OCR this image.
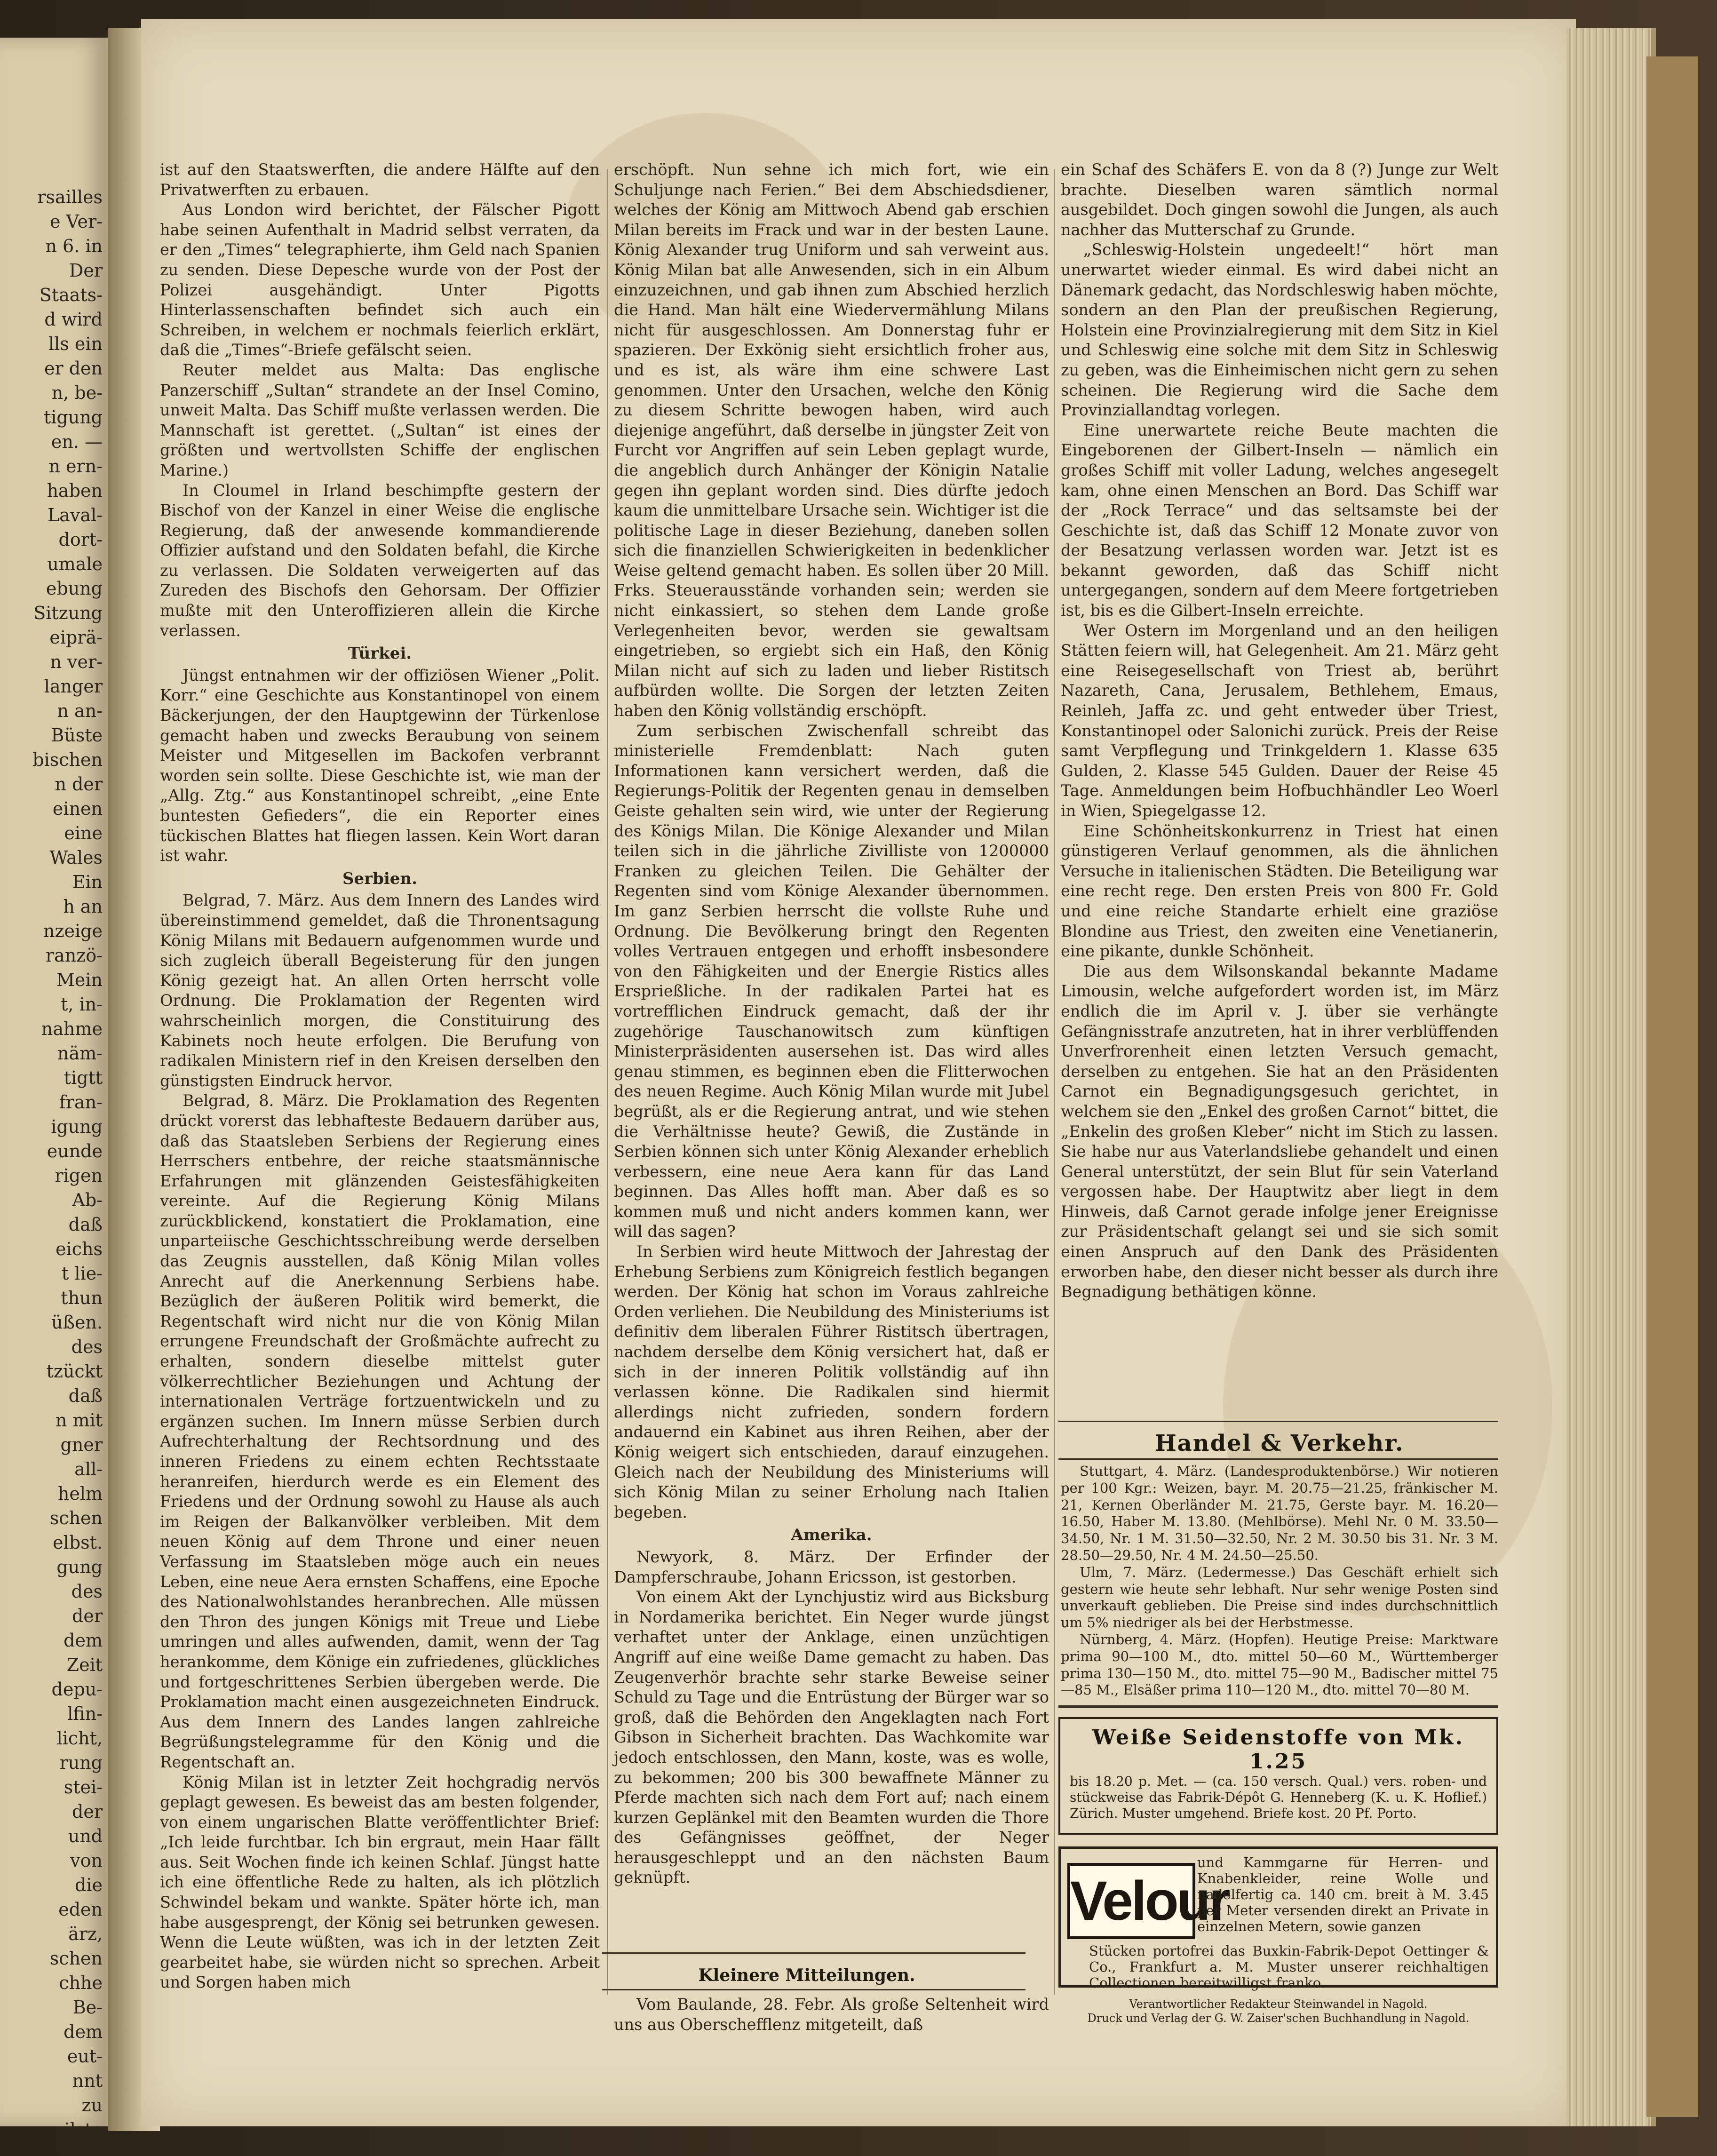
rsailles
e Ver-
n 6. in
Der
Staats-
d wird
lls ein
er den
n, be-
tigung
en. —
n ern-
haben
Laval-
dort-
umale
ebung
Sitzung
eiprä-
n ver-
langer
n an-
Büste
bischen
n der
einen
eine
Wales
Ein
h an
nzeige
ranzö-
Mein
t, in-
nahme
näm-
tigtt
fran-
igung
eunde
rigen
Ab-
daß
eichs
t lie-
thun
üßen.
des
tzückt
daß
n mit
gner
all-
helm
schen
elbst.
gung
des
der
dem
Zeit
depu-
lfin-
licht,
rung
stei-
der
und
von
die
eden
ärz,
schen
chhe
Be-
dem
eut-
nnt
zu
ilste

ist auf den Staatswerften, die andere Hälfte auf den Privatwerften zu erbauen.

Aus London wird berichtet, der Fälscher Pigott habe seinen Aufenthalt in Madrid selbst verraten, da er den „Times“ telegraphierte, ihm Geld nach Spanien zu senden. Diese Depesche wurde von der Post der Polizei ausgehändigt. Unter Pigotts Hinterlassenschaften befindet sich auch ein Schreiben, in welchem er nochmals feierlich erklärt, daß die „Times“-Briefe gefälscht seien.

Reuter meldet aus Malta: Das englische Panzerschiff „Sultan“ strandete an der Insel Comino, unweit Malta. Das Schiff mußte verlassen werden. Die Mannschaft ist gerettet. („Sultan“ ist eines der größten und wertvollsten Schiffe der englischen Marine.)

In Cloumel in Irland beschimpfte gestern der Bischof von der Kanzel in einer Weise die englische Regierung, daß der anwesende kommandierende Offizier aufstand und den Soldaten befahl, die Kirche zu verlassen. Die Soldaten verweigerten auf das Zureden des Bischofs den Gehorsam. Der Offizier mußte mit den Unteroffizieren allein die Kirche verlassen.

Türkei.

Jüngst entnahmen wir der offiziösen Wiener „Polit. Korr.“ eine Geschichte aus Konstantinopel von einem Bäckerjungen, der den Hauptgewinn der Türkenlose gemacht haben und zwecks Beraubung von seinem Meister und Mitgesellen im Backofen verbrannt worden sein sollte. Diese Geschichte ist, wie man der „Allg. Ztg.“ aus Konstantinopel schreibt, „eine Ente buntesten Gefieders“, die ein Reporter eines tückischen Blattes hat fliegen lassen. Kein Wort daran ist wahr.

Serbien.

Belgrad, 7. März. Aus dem Innern des Landes wird übereinstimmend gemeldet, daß die Thronentsagung König Milans mit Bedauern aufgenommen wurde und sich zugleich überall Begeisterung für den jungen König gezeigt hat. An allen Orten herrscht volle Ordnung. Die Proklamation der Regenten wird wahrscheinlich morgen, die Constituirung des Kabinets noch heute erfolgen. Die Berufung von radikalen Ministern rief in den Kreisen derselben den günstigsten Eindruck hervor.

Belgrad, 8. März. Die Proklamation des Regenten drückt vorerst das lebhafteste Bedauern darüber aus, daß das Staatsleben Serbiens der Regierung eines Herrschers entbehre, der reiche staatsmännische Erfahrungen mit glänzenden Geistesfähigkeiten vereinte. Auf die Regierung König Milans zurückblickend, konstatiert die Proklamation, eine unparteiische Geschichtsschreibung werde derselben das Zeugnis ausstellen, daß König Milan volles Anrecht auf die Anerkennung Serbiens habe. Bezüglich der äußeren Politik wird bemerkt, die Regentschaft wird nicht nur die von König Milan errungene Freundschaft der Großmächte aufrecht zu erhalten, sondern dieselbe mittelst guter völkerrechtlicher Beziehungen und Achtung der internationalen Verträge fortzuentwickeln und zu ergänzen suchen. Im Innern müsse Serbien durch Aufrechterhaltung der Rechtsordnung und des inneren Friedens zu einem echten Rechtsstaate heranreifen, hierdurch werde es ein Element des Friedens und der Ordnung sowohl zu Hause als auch im Reigen der Balkanvölker verbleiben. Mit dem neuen König auf dem Throne und einer neuen Verfassung im Staatsleben möge auch ein neues Leben, eine neue Aera ernsten Schaffens, eine Epoche des Nationalwohlstandes heranbrechen. Alle müssen den Thron des jungen Königs mit Treue und Liebe umringen und alles aufwenden, damit, wenn der Tag herankomme, dem Könige ein zufriedenes, glückliches und fortgeschrittenes Serbien übergeben werde. Die Proklamation macht einen ausgezeichneten Eindruck. Aus dem Innern des Landes langen zahlreiche Begrüßungstelegramme für den König und die Regentschaft an.

König Milan ist in letzter Zeit hochgradig nervös geplagt gewesen. Es beweist das am besten folgender, von einem ungarischen Blatte veröffentlichter Brief: „Ich leide furchtbar. Ich bin ergraut, mein Haar fällt aus. Seit Wochen finde ich keinen Schlaf. Jüngst hatte ich eine öffentliche Rede zu halten, als ich plötzlich Schwindel bekam und wankte. Später hörte ich, man habe ausgesprengt, der König sei betrunken gewesen. Wenn die Leute wüßten, was ich in der letzten Zeit gearbeitet habe, sie würden nicht so sprechen. Arbeit und Sorgen haben mich

erschöpft. Nun sehne ich mich fort, wie ein Schuljunge nach Ferien.“ Bei dem Abschiedsdiener, welches der König am Mittwoch Abend gab erschien Milan bereits im Frack und war in der besten Laune. König Alexander trug Uniform und sah verweint aus. König Milan bat alle Anwesenden, sich in ein Album einzuzeichnen, und gab ihnen zum Abschied herzlich die Hand. Man hält eine Wiedervermählung Milans nicht für ausgeschlossen. Am Donnerstag fuhr er spazieren. Der Exkönig sieht ersichtlich froher aus, und es ist, als wäre ihm eine schwere Last genommen. Unter den Ursachen, welche den König zu diesem Schritte bewogen haben, wird auch diejenige angeführt, daß derselbe in jüngster Zeit von Furcht vor Angriffen auf sein Leben geplagt wurde, die angeblich durch Anhänger der Königin Natalie gegen ihn geplant worden sind. Dies dürfte jedoch kaum die unmittelbare Ursache sein. Wichtiger ist die politische Lage in dieser Beziehung, daneben sollen sich die finanziellen Schwierigkeiten in bedenklicher Weise geltend gemacht haben. Es sollen über 20 Mill. Frks. Steuerausstände vorhanden sein; werden sie nicht einkassiert, so stehen dem Lande große Verlegenheiten bevor, werden sie gewaltsam eingetrieben, so ergiebt sich ein Haß, den König Milan nicht auf sich zu laden und lieber Ristitsch aufbürden wollte. Die Sorgen der letzten Zeiten haben den König vollständig erschöpft.

Zum serbischen Zwischenfall schreibt das ministerielle Fremdenblatt: Nach guten Informationen kann versichert werden, daß die Regierungs-Politik der Regenten genau in demselben Geiste gehalten sein wird, wie unter der Regierung des Königs Milan. Die Könige Alexander und Milan teilen sich in die jährliche Zivilliste von 1200000 Franken zu gleichen Teilen. Die Gehälter der Regenten sind vom Könige Alexander übernommen. Im ganz Serbien herrscht die vollste Ruhe und Ordnung. Die Bevölkerung bringt den Regenten volles Vertrauen entgegen und erhofft insbesondere von den Fähigkeiten und der Energie Ristics alles Ersprießliche. In der radikalen Partei hat es vortrefflichen Eindruck gemacht, daß der ihr zugehörige Tauschanowitsch zum künftigen Ministerpräsidenten ausersehen ist. Das wird alles genau stimmen, es beginnen eben die Flitterwochen des neuen Regime. Auch König Milan wurde mit Jubel begrüßt, als er die Regierung antrat, und wie stehen die Verhältnisse heute? Gewiß, die Zustände in Serbien können sich unter König Alexander erheblich verbessern, eine neue Aera kann für das Land beginnen. Das Alles hofft man. Aber daß es so kommen muß und nicht anders kommen kann, wer will das sagen?

In Serbien wird heute Mittwoch der Jahrestag der Erhebung Serbiens zum Königreich festlich begangen werden. Der König hat schon im Voraus zahlreiche Orden verliehen. Die Neubildung des Ministeriums ist definitiv dem liberalen Führer Ristitsch übertragen, nachdem derselbe dem König versichert hat, daß er sich in der inneren Politik vollständig auf ihn verlassen könne. Die Radikalen sind hiermit allerdings nicht zufrieden, sondern fordern andauernd ein Kabinet aus ihren Reihen, aber der König weigert sich entschieden, darauf einzugehen. Gleich nach der Neubildung des Ministeriums will sich König Milan zu seiner Erholung nach Italien begeben.

Amerika.

Newyork, 8. März. Der Erfinder der Dampferschraube, Johann Ericsson, ist gestorben.

Von einem Akt der Lynchjustiz wird aus Bicksburg in Nordamerika berichtet. Ein Neger wurde jüngst verhaftet unter der Anklage, einen unzüchtigen Angriff auf eine weiße Dame gemacht zu haben. Das Zeugenverhör brachte sehr starke Beweise seiner Schuld zu Tage und die Entrüstung der Bürger war so groß, daß die Behörden den Angeklagten nach Fort Gibson in Sicherheit brachten. Das Wachkomite war jedoch entschlossen, den Mann, koste, was es wolle, zu bekommen; 200 bis 300 bewaffnete Männer zu Pferde machten sich nach dem Fort auf; nach einem kurzen Geplänkel mit den Beamten wurden die Thore des Gefängnisses geöffnet, der Neger herausgeschleppt und an den nächsten Baum geknüpft.

Kleinere Mitteilungen.

Vom Baulande, 28. Febr. Als große Seltenheit wird uns aus Oberschefflenz mitgeteilt, daß

ein Schaf des Schäfers E. von da 8 (?) Junge zur Welt brachte. Dieselben waren sämtlich normal ausgebildet. Doch gingen sowohl die Jungen, als auch nachher das Mutterschaf zu Grunde.

„Schleswig-Holstein ungedeelt!“ hört man unerwartet wieder einmal. Es wird dabei nicht an Dänemark gedacht, das Nordschleswig haben möchte, sondern an den Plan der preußischen Regierung, Holstein eine Provinzialregierung mit dem Sitz in Kiel und Schleswig eine solche mit dem Sitz in Schleswig zu geben, was die Einheimischen nicht gern zu sehen scheinen. Die Regierung wird die Sache dem Provinziallandtag vorlegen.

Eine unerwartete reiche Beute machten die Eingeborenen der Gilbert-Inseln — nämlich ein großes Schiff mit voller Ladung, welches angesegelt kam, ohne einen Menschen an Bord. Das Schiff war der „Rock Terrace“ und das seltsamste bei der Geschichte ist, daß das Schiff 12 Monate zuvor von der Besatzung verlassen worden war. Jetzt ist es bekannt geworden, daß das Schiff nicht untergegangen, sondern auf dem Meere fortgetrieben ist, bis es die Gilbert-Inseln erreichte.

Wer Ostern im Morgenland und an den heiligen Stätten feiern will, hat Gelegenheit. Am 21. März geht eine Reisegesellschaft von Triest ab, berührt Nazareth, Cana, Jerusalem, Bethlehem, Emaus, Reinleh, Jaffa zc. und geht entweder über Triest, Konstantinopel oder Salonichi zurück. Preis der Reise samt Verpflegung und Trinkgeldern 1. Klasse 635 Gulden, 2. Klasse 545 Gulden. Dauer der Reise 45 Tage. Anmeldungen beim Hofbuchhändler Leo Woerl in Wien, Spiegelgasse 12.

Eine Schönheitskonkurrenz in Triest hat einen günstigeren Verlauf genommen, als die ähnlichen Versuche in italienischen Städten. Die Beteiligung war eine recht rege. Den ersten Preis von 800 Fr. Gold und eine reiche Standarte erhielt eine graziöse Blondine aus Triest, den zweiten eine Venetianerin, eine pikante, dunkle Schönheit.

Die aus dem Wilsonskandal bekannte Madame Limousin, welche aufgefordert worden ist, im März endlich die im April v. J. über sie verhängte Gefängnisstrafe anzutreten, hat in ihrer verblüffenden Unverfrorenheit einen letzten Versuch gemacht, derselben zu entgehen. Sie hat an den Präsidenten Carnot ein Begnadigungsgesuch gerichtet, in welchem sie den „Enkel des großen Carnot“ bittet, die „Enkelin des großen Kleber“ nicht im Stich zu lassen. Sie habe nur aus Vaterlandsliebe gehandelt und einen General unterstützt, der sein Blut für sein Vaterland vergossen habe. Der Hauptwitz aber liegt in dem Hinweis, daß Carnot gerade infolge jener Ereignisse zur Präsidentschaft gelangt sei und sie sich somit einen Anspruch auf den Dank des Präsidenten erworben habe, den dieser nicht besser als durch ihre Begnadigung bethätigen könne.

Handel & Verkehr.

Stuttgart, 4. März. (Landesproduktenbörse.) Wir notieren per 100 Kgr.: Weizen, bayr. M. 20.75—21.25, fränkischer M. 21, Kernen Oberländer M. 21.75, Gerste bayr. M. 16.20—16.50, Haber M. 13.80. (Mehlbörse). Mehl Nr. 0 M. 33.50—34.50, Nr. 1 M. 31.50—32.50, Nr. 2 M. 30.50 bis 31. Nr. 3 M. 28.50—29.50, Nr. 4 M. 24.50—25.50.

Ulm, 7. März. (Ledermesse.) Das Geschäft erhielt sich gestern wie heute sehr lebhaft. Nur sehr wenige Posten sind unverkauft geblieben. Die Preise sind indes durchschnittlich um 5% niedriger als bei der Herbstmesse.

Nürnberg, 4. März. (Hopfen). Heutige Preise: Marktware prima 90—100 M., dto. mittel 50—60 M., Württemberger prima 130—150 M., dto. mittel 75—90 M., Badischer mittel 75—85 M., Elsäßer prima 110—120 M., dto. mittel 70—80 M.

Weiße Seidenstoffe von Mk. 1.25
bis 18.20 p. Met. — (ca. 150 versch. Qual.) vers. roben- und stückweise das Fabrik-Dépôt G. Henneberg (K. u. K. Hoflief.) Zürich. Muster umgehend. Briefe kost. 20 Pf. Porto.
Velour
und Kammgarne für Herren- und Knabenkleider, reine Wolle und nadelfertig ca. 140 cm. breit à M. 3.45 per Meter versenden direkt an Private in einzelnen Metern, sowie ganzen
Stücken portofrei das Buxkin-Fabrik-Depot Oettinger & Co., Frankfurt a. M. Muster unserer reichhaltigen Collectionen bereitwilligst franko.
Verantwortlicher Redakteur Steinwandel in Nagold.
Druck und Verlag der G. W. Zaiser'schen Buchhandlung in Nagold.
